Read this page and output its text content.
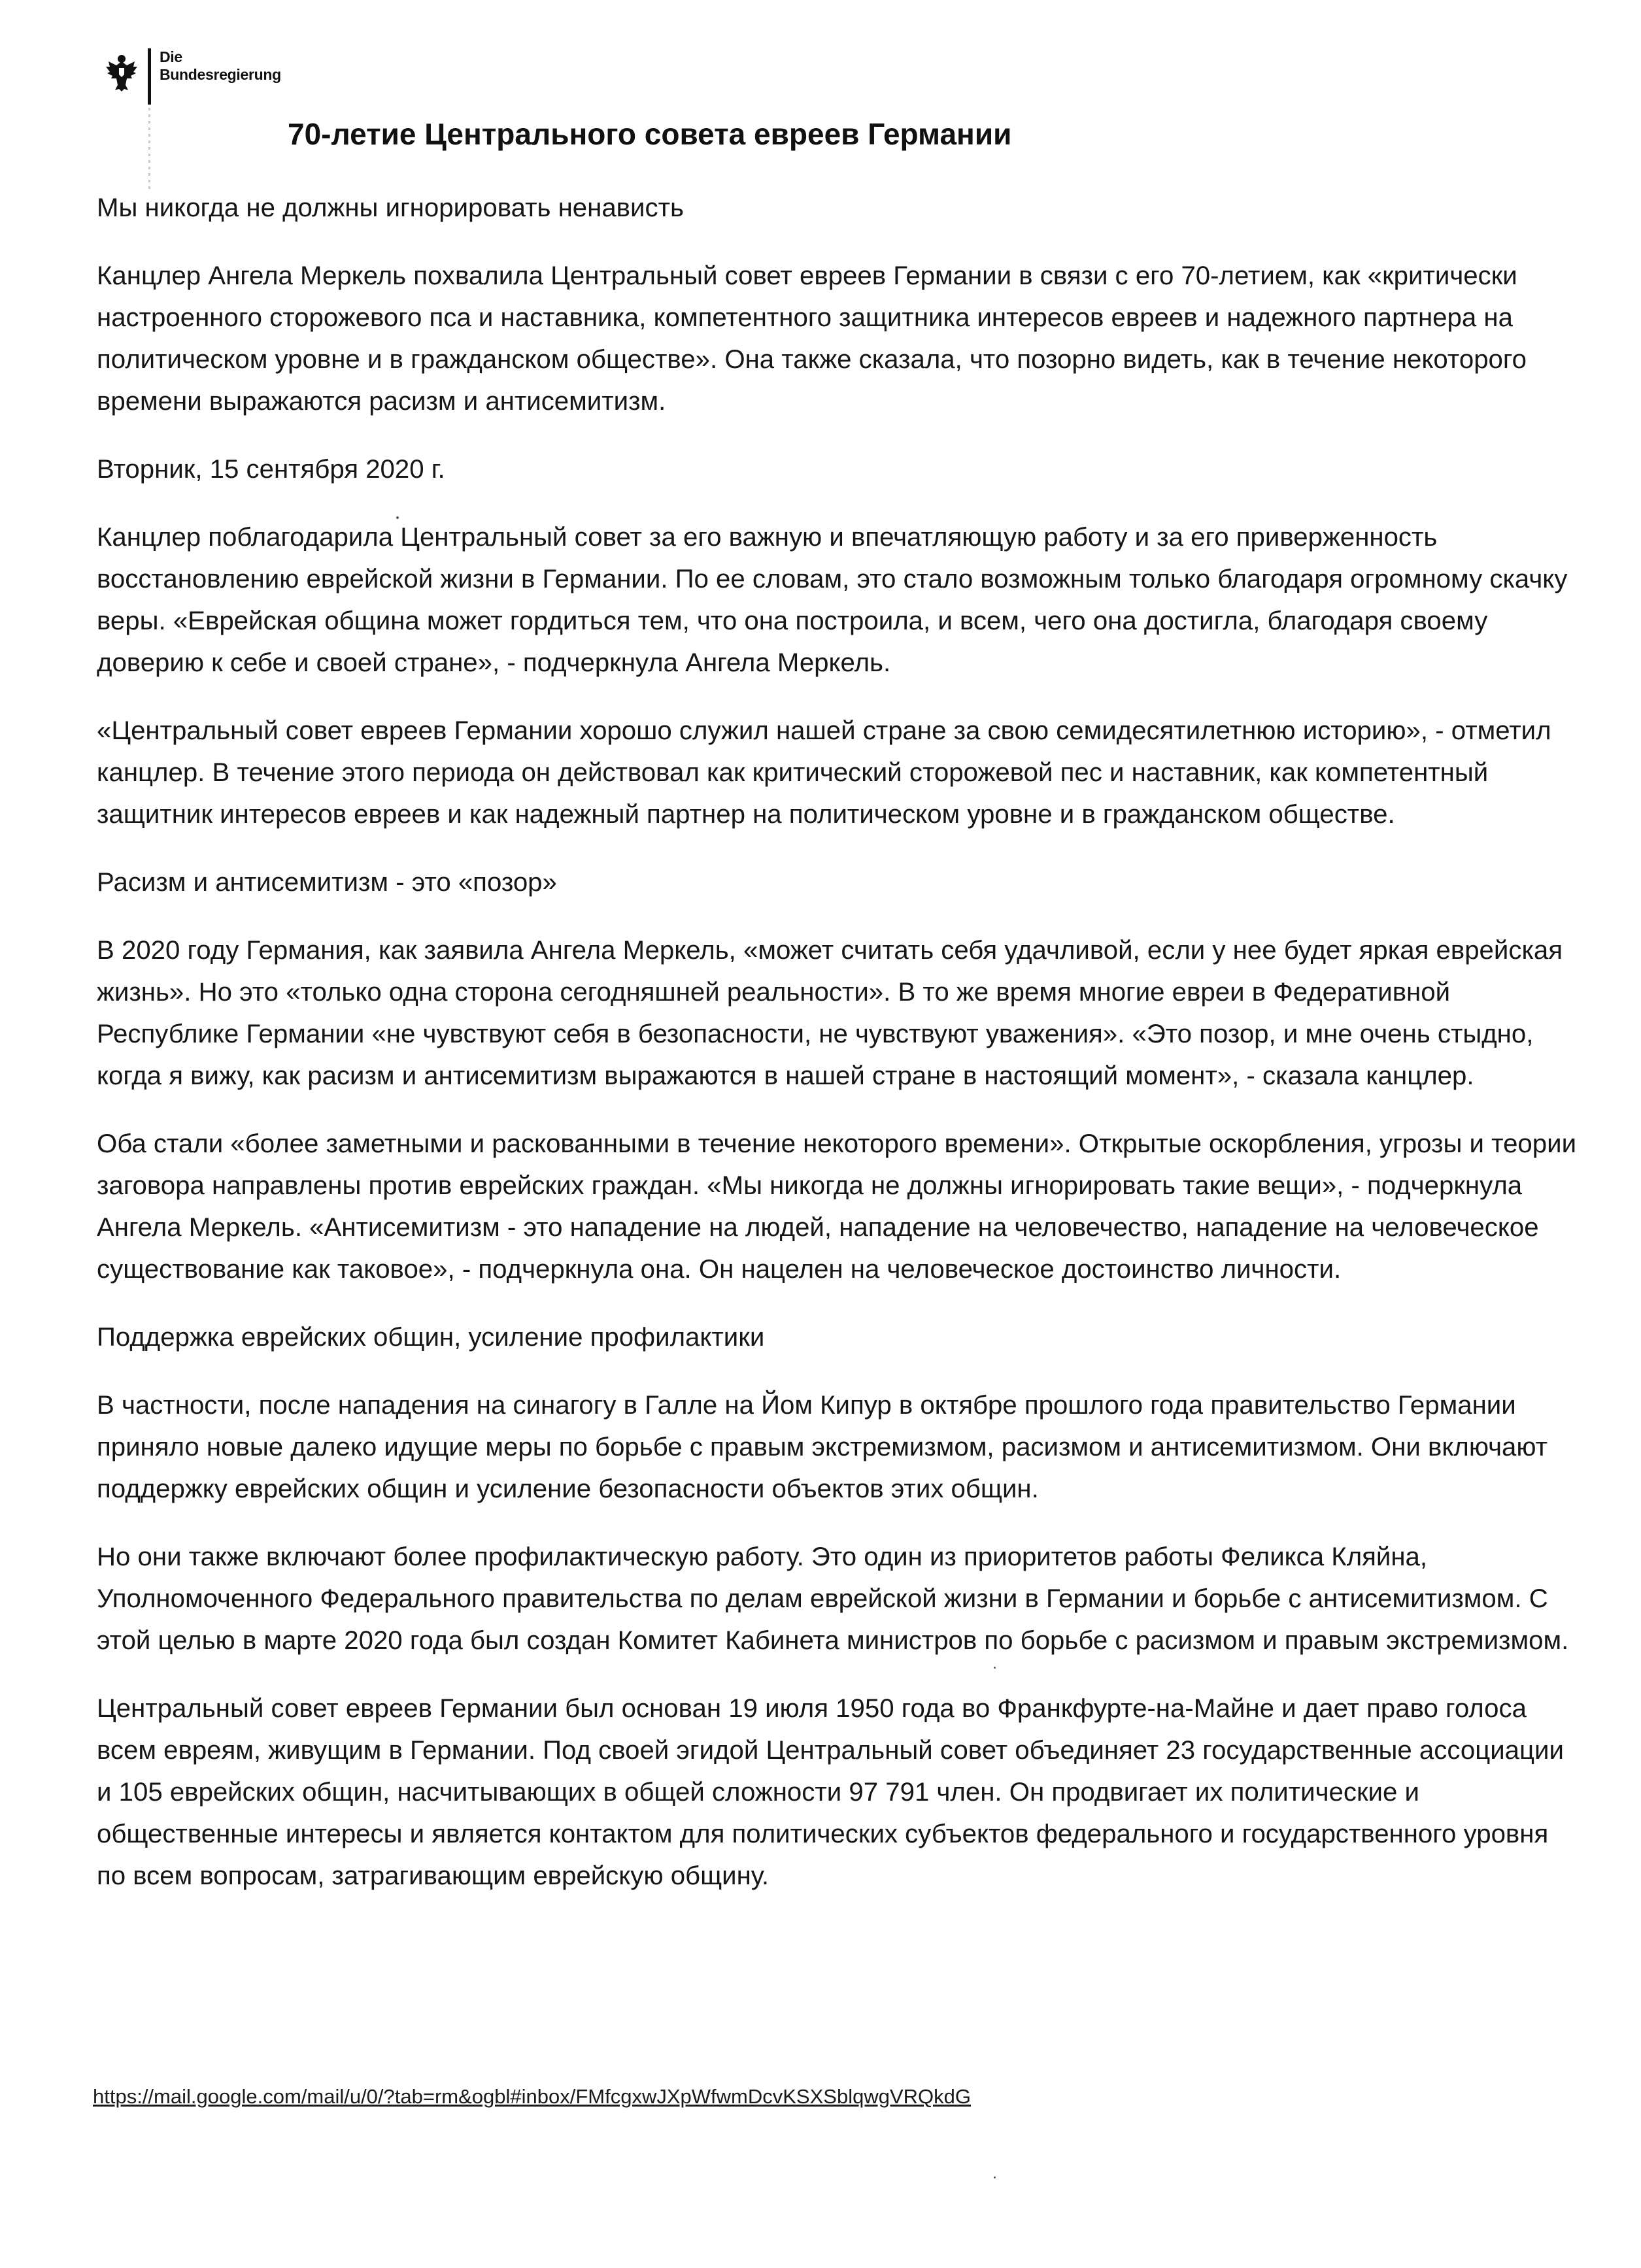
Die
Bundesregierung
70-летие Центрального совета евреев Германии

Мы никогда не должны игнорировать ненависть

Канцлер Ангела Меркель похвалила Центральный совет евреев Германии в связи с его 70-летием, как «критически настроенного сторожевого пса и наставника, компетентного защитника интересов евреев и надежного партнера на политическом уровне и в гражданском обществе». Она также сказала, что позорно видеть, как в течение некоторого времени выражаются расизм и антисемитизм.

Вторник, 15 сентября 2020 г.

Канцлер поблагодарила Центральный совет за его важную и впечатляющую работу и за его приверженность восстановлению еврейской жизни в Германии. По ее словам, это стало возможным только благодаря огромному скачку веры. «Еврейская община может гордиться тем, что она построила, и всем, чего она достигла, благодаря своему доверию к себе и своей стране», - подчеркнула Ангела Меркель.

«Центральный совет евреев Германии хорошо служил нашей стране за свою семидесятилетнюю историю», - отметил канцлер. В течение этого периода он действовал как критический сторожевой пес и наставник, как компетентный защитник интересов евреев и как надежный партнер на политическом уровне и в гражданском обществе.

Расизм и антисемитизм - это «позор»

В 2020 году Германия, как заявила Ангела Меркель, «может считать себя удачливой, если у нее будет яркая еврейская жизнь». Но это «только одна сторона сегодняшней реальности». В то же время многие евреи в Федеративной Республике Германии «не чувствуют себя в безопасности, не чувствуют уважения». «Это позор, и мне очень стыдно, когда я вижу, как расизм и антисемитизм выражаются в нашей стране в настоящий момент», - сказала канцлер.

Оба стали «более заметными и раскованными в течение некоторого времени». Открытые оскорбления, угрозы и теории заговора направлены против еврейских граждан. «Мы никогда не должны игнорировать такие вещи», - подчеркнула Ангела Меркель. «Антисемитизм - это нападение на людей, нападение на человечество, нападение на человеческое существование как таковое», - подчеркнула она. Он нацелен на человеческое достоинство личности.

Поддержка еврейских общин, усиление профилактики

В частности, после нападения на синагогу в Галле на Йом Кипур в октябре прошлого года правительство Германии приняло новые далеко идущие меры по борьбе с правым экстремизмом, расизмом и антисемитизмом. Они включают поддержку еврейских общин и усиление безопасности объектов этих общин.

Но они также включают более профилактическую работу. Это один из приоритетов работы Феликса Кляйна, Уполномоченного Федерального правительства по делам еврейской жизни в Германии и борьбе с антисемитизмом. С этой целью в марте 2020 года был создан Комитет Кабинета министров по борьбе с расизмом и правым экстремизмом.

Центральный совет евреев Германии был основан 19 июля 1950 года во Франкфурте-на-Майне и дает право голоса всем евреям, живущим в Германии. Под своей эгидой Центральный совет объединяет 23 государственные ассоциации и 105 еврейских общин, насчитывающих в общей сложности 97 791 член. Он продвигает их политические и общественные интересы и является контактом для политических субъектов федерального и государственного уровня по всем вопросам, затрагивающим еврейскую общину.

https://mail.google.com/mail/u/0/?tab=rm&ogbl#inbox/FMfcgxwJXpWfwmDcvKSXSblqwgVRQkdG
